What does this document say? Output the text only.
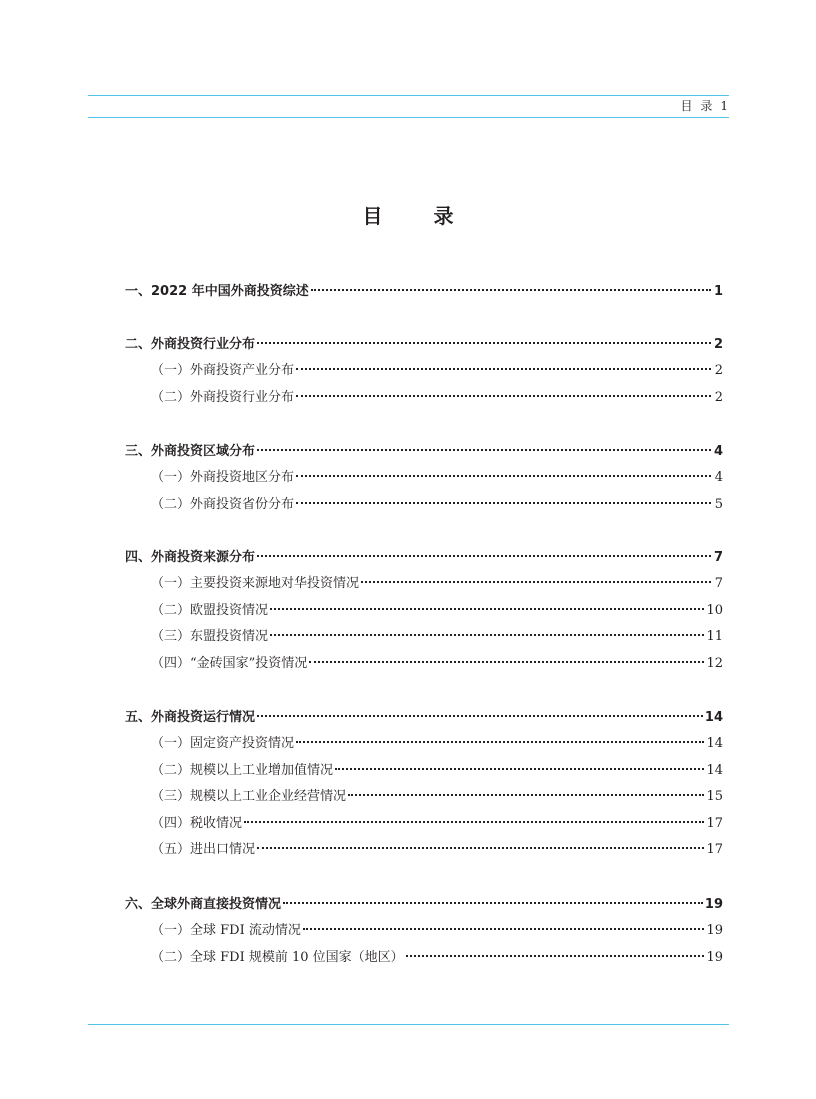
目 录 1
目 录
一、2022 年中国外商投资综述	1
二、外商投资行业分布	2
（一）外商投资产业分布	2
（二）外商投资行业分布	2
三、外商投资区域分布	4
（一）外商投资地区分布	4
（二）外商投资省份分布	5
四、外商投资来源分布	7
（一）主要投资来源地对华投资情况	7
（二）欧盟投资情况	10
（三）东盟投资情况	11
（四）“金砖国家”投资情况	12
五、外商投资运行情况	14
（一）固定资产投资情况	14
（二）规模以上工业增加值情况	14
（三）规模以上工业企业经营情况	15
（四）税收情况	17
（五）进出口情况	17
六、全球外商直接投资情况	19
（一）全球 FDI 流动情况	19
（二）全球 FDI 规模前 10 位国家（地区）	19
